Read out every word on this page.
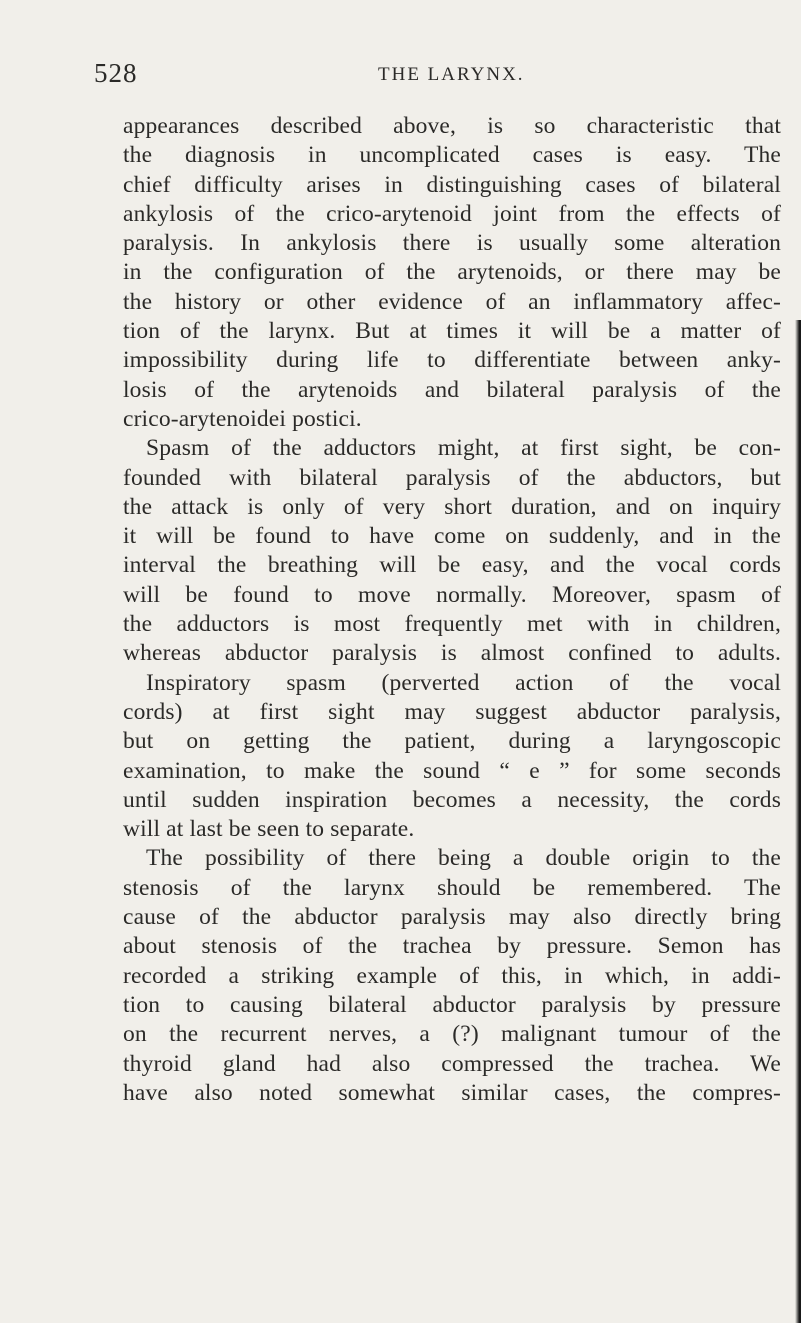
528	THE LARYNX.
appearances described above, is so characteristic that
the diagnosis in uncomplicated cases is easy. The
chief difficulty arises in distinguishing cases of bilateral
ankylosis of the crico-arytenoid joint from the effects of
paralysis. In ankylosis there is usually some alteration
in the configuration of the arytenoids, or there may be
the history or other evidence of an inflammatory affec-
tion of the larynx. But at times it will be a matter of
impossibility during life to differentiate between anky-
losis of the arytenoids and bilateral paralysis of the
crico-arytenoidei postici.
Spasm of the adductors might, at first sight, be con-
founded with bilateral paralysis of the abductors, but
the attack is only of very short duration, and on inquiry
it will be found to have come on suddenly, and in the
interval the breathing will be easy, and the vocal cords
will be found to move normally. Moreover, spasm of
the adductors is most frequently met with in children,
whereas abductor paralysis is almost confined to adults.
Inspiratory spasm (perverted action of the vocal
cords) at first sight may suggest abductor paralysis,
but on getting the patient, during a laryngoscopic
examination, to make the sound “ e ” for some seconds
until sudden inspiration becomes a necessity, the cords
will at last be seen to separate.
The possibility of there being a double origin to the
stenosis of the larynx should be remembered. The
cause of the abductor paralysis may also directly bring
about stenosis of the trachea by pressure. Semon has
recorded a striking example of this, in which, in addi-
tion to causing bilateral abductor paralysis by pressure
on the recurrent nerves, a (?) malignant tumour of the
thyroid gland had also compressed the trachea. We
have also noted somewhat similar cases, the compres-
